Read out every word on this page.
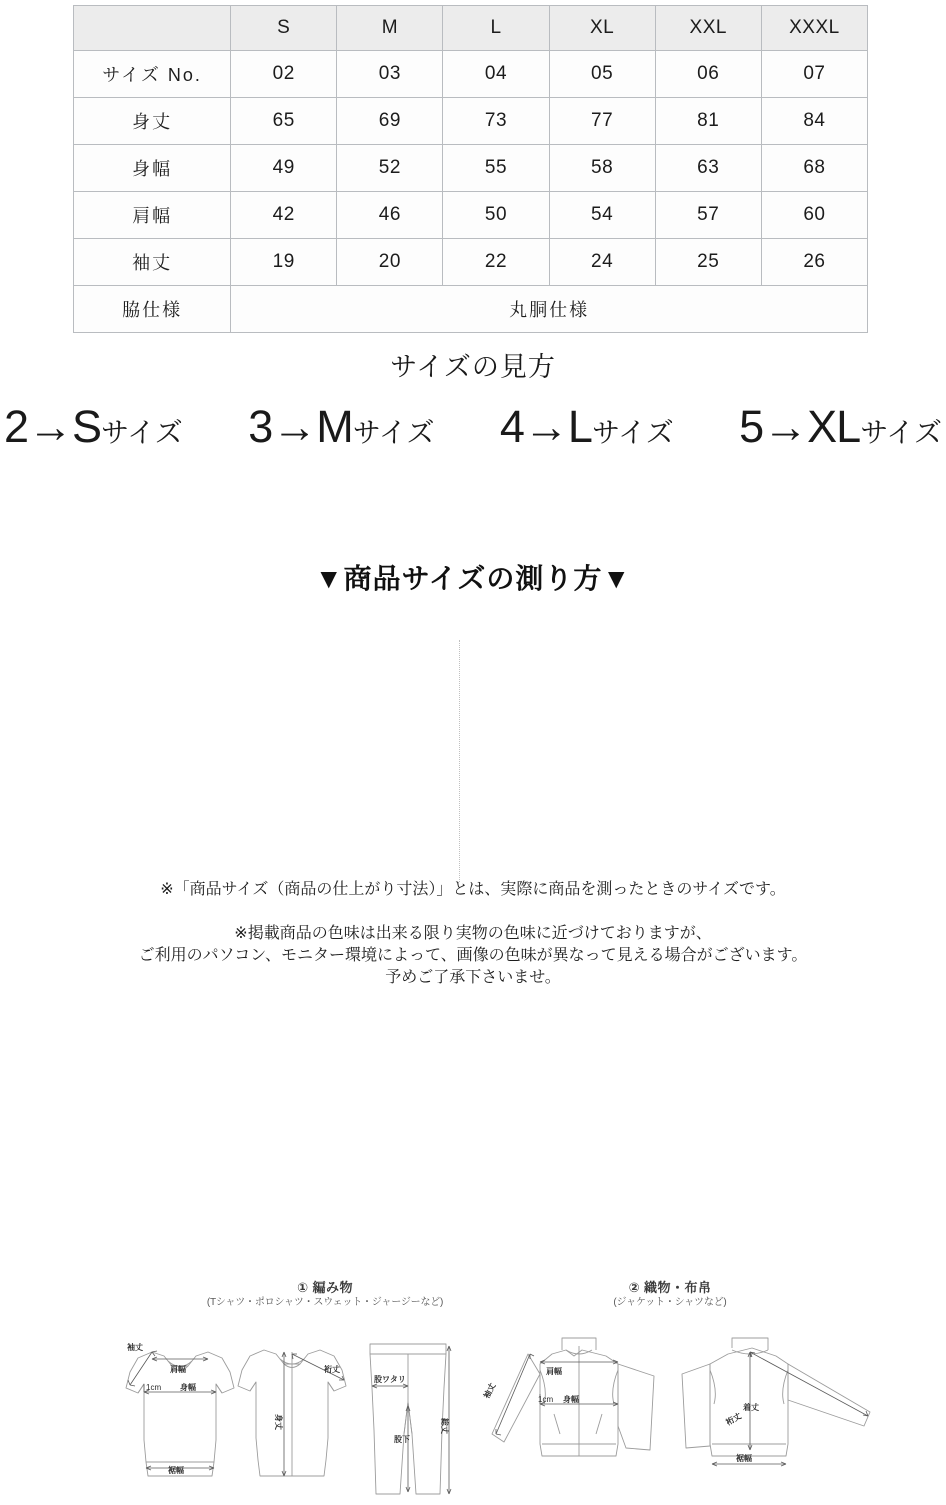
	S	M	L	XL	XXL	XXXL
サイズ No.	02	03	04	05	06	07
身丈	65	69	73	77	81	84
身幅	49	52	55	58	63	68
肩幅	42	46	50	54	57	60
袖丈	19	20	22	24	25	26
脇仕様	丸胴仕様					
サイズの見方
2→Sサイズ 3→Mサイズ 4→Lサイズ 5→XLサイズ
▼商品サイズの測り方▼
① 編み物
(Tシャツ・ポロシャツ・スウェット・ジャージーなど)
② 織物・布帛
(ジャケット・シャツなど)
袖丈
肩幅
1cm 身幅
裾幅
裄丈
身丈
股ワタリ
股下
総丈
袖丈
肩幅
1cm 身幅
裄丈
着丈
裾幅
※「商品サイズ（商品の仕上がり寸法）」とは、実際に商品を測ったときのサイズです。
※掲載商品の色味は出来る限り実物の色味に近づけておりますが、
ご利用のパソコン、モニター環境によって、画像の色味が異なって見える場合がございます。
予めご了承下さいませ。
